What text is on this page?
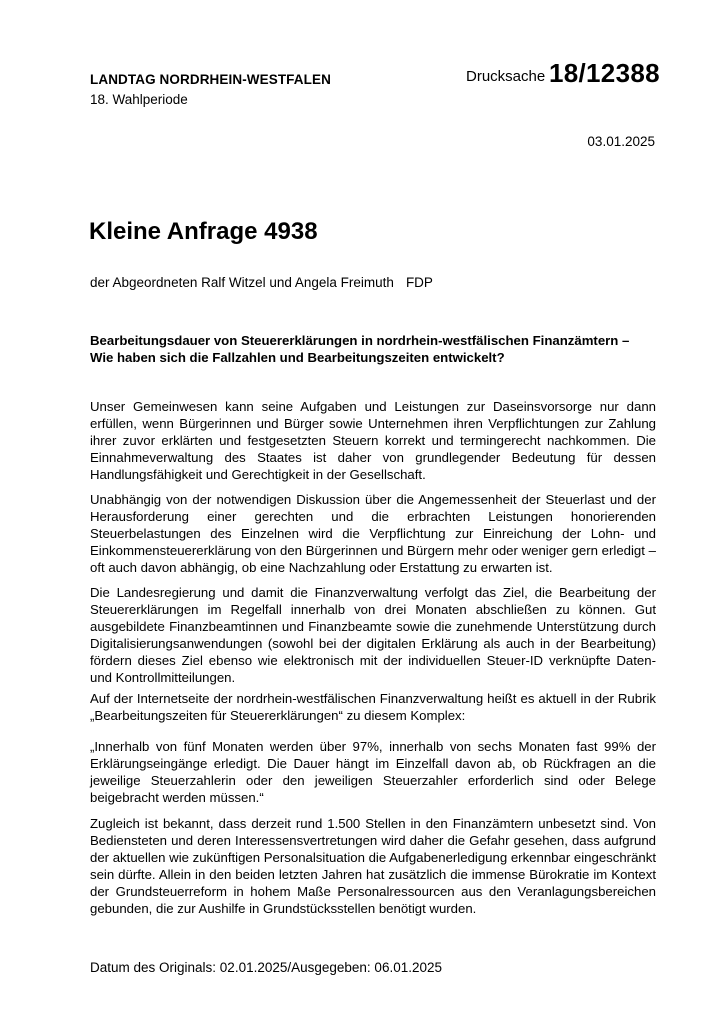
LANDTAG NORDRHEIN-WESTFALEN
18. Wahlperiode
Drucksache 18/12388
03.01.2025
Kleine Anfrage 4938
der Abgeordneten Ralf Witzel und Angela Freimuth FDP
Bearbeitungsdauer von Steuererklärungen in nordrhein-westfälischen Finanzämtern – Wie haben sich die Fallzahlen und Bearbeitungszeiten entwickelt?

Unser Gemeinwesen kann seine Aufgaben und Leistungen zur Daseinsvorsorge nur dann erfüllen, wenn Bürgerinnen und Bürger sowie Unternehmen ihren Verpflichtungen zur Zahlung ihrer zuvor erklärten und festgesetzten Steuern korrekt und termingerecht nachkommen. Die Einnahmeverwaltung des Staates ist daher von grundlegender Bedeutung für dessen Handlungsfähigkeit und Gerechtigkeit in der Gesellschaft.

Unabhängig von der notwendigen Diskussion über die Angemessenheit der Steuerlast und der Herausforderung einer gerechten und die erbrachten Leistungen honorierenden Steuerbelastungen des Einzelnen wird die Verpflichtung zur Einreichung der Lohn- und Einkommensteuererklärung von den Bürgerinnen und Bürgern mehr oder weniger gern erledigt – oft auch davon abhängig, ob eine Nachzahlung oder Erstattung zu erwarten ist.

Die Landesregierung und damit die Finanzverwaltung verfolgt das Ziel, die Bearbeitung der Steuererklärungen im Regelfall innerhalb von drei Monaten abschließen zu können. Gut ausgebildete Finanzbeamtinnen und Finanzbeamte sowie die zunehmende Unterstützung durch Digitalisierungsanwendungen (sowohl bei der digitalen Erklärung als auch in der Bearbeitung) fördern dieses Ziel ebenso wie elektronisch mit der individuellen Steuer-ID verknüpfte Daten- und Kontrollmitteilungen.

Auf der Internetseite der nordrhein-westfälischen Finanzverwaltung heißt es aktuell in der Rubrik „Bearbeitungszeiten für Steuererklärungen“ zu diesem Komplex:

„Innerhalb von fünf Monaten werden über 97%, innerhalb von sechs Monaten fast 99% der Erklärungseingänge erledigt. Die Dauer hängt im Einzelfall davon ab, ob Rückfragen an die jeweilige Steuerzahlerin oder den jeweiligen Steuerzahler erforderlich sind oder Belege beigebracht werden müssen.“

Zugleich ist bekannt, dass derzeit rund 1.500 Stellen in den Finanzämtern unbesetzt sind. Von Bediensteten und deren Interessensvertretungen wird daher die Gefahr gesehen, dass aufgrund der aktuellen wie zukünftigen Personalsituation die Aufgabenerledigung erkennbar eingeschränkt sein dürfte. Allein in den beiden letzten Jahren hat zusätzlich die immense Bürokratie im Kontext der Grundsteuerreform in hohem Maße Personalressourcen aus den Veranlagungsbereichen gebunden, die zur Aushilfe in Grundstücksstellen benötigt wurden.

Datum des Originals: 02.01.2025/Ausgegeben: 06.01.2025
